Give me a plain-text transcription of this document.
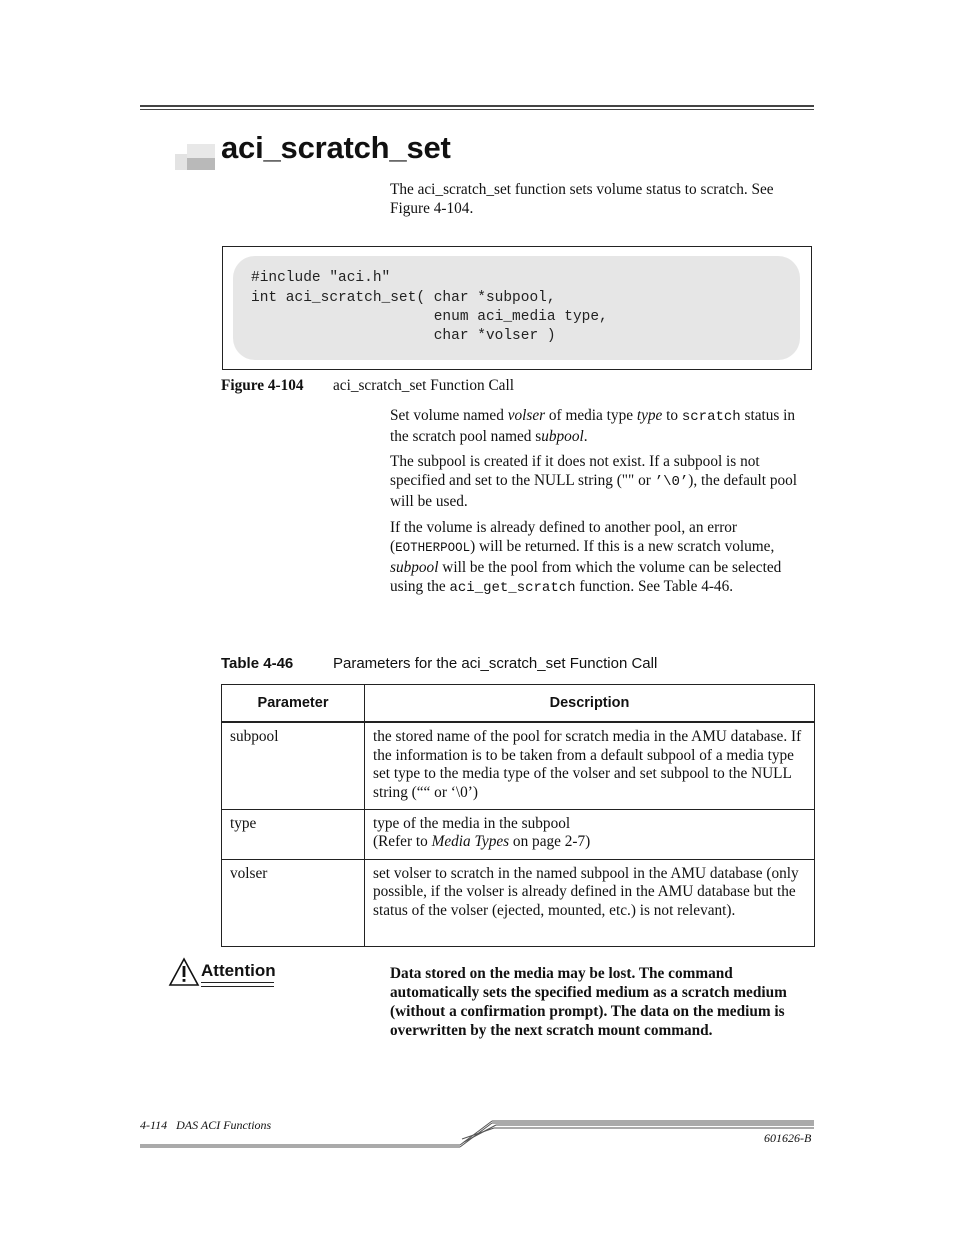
aci_scratch_set
The aci_scratch_set function sets volume status to scratch. See Figure 4-104.
#include "aci.h"
int aci_scratch_set( char *subpool,
enum aci_media type,
char *volser )
Figure 4-104 aci_scratch_set Function Call
Set volume named volser of media type type to scratch status in the scratch pool named subpool.
The subpool is created if it does not exist. If a subpool is not specified and set to the NULL string ("" or ’\0’), the default pool will be used.
If the volume is already defined to another pool, an error (EOTHERPOOL) will be returned. If this is a new scratch volume, subpool will be the pool from which the volume can be selected using the aci_get_scratch function. See Table 4-46.
Table 4-46	Parameters for the aci_scratch_set Function Call
Parameter	Description
subpool	the stored name of the pool for scratch media in the AMU database. If the information is to be taken from a default subpool of a media type set type to the media type of the volser and set subpool to the NULL string (““ or ‘\0’)
type	type of the media in the subpool
(Refer to Media Types on page 2-7)

volser	set volser to scratch in the named subpool in the AMU database (only possible, if the volser is already defined in the AMU database but the status of the volser (ejected, mounted, etc.) is not relevant).
Attention	Data stored on the media may be lost. The command automatically sets the specified medium as a scratch medium (without a confirmation prompt). The data on the medium is overwritten by the next scratch mount command.
4-114   DAS ACI Functions
601626-B
